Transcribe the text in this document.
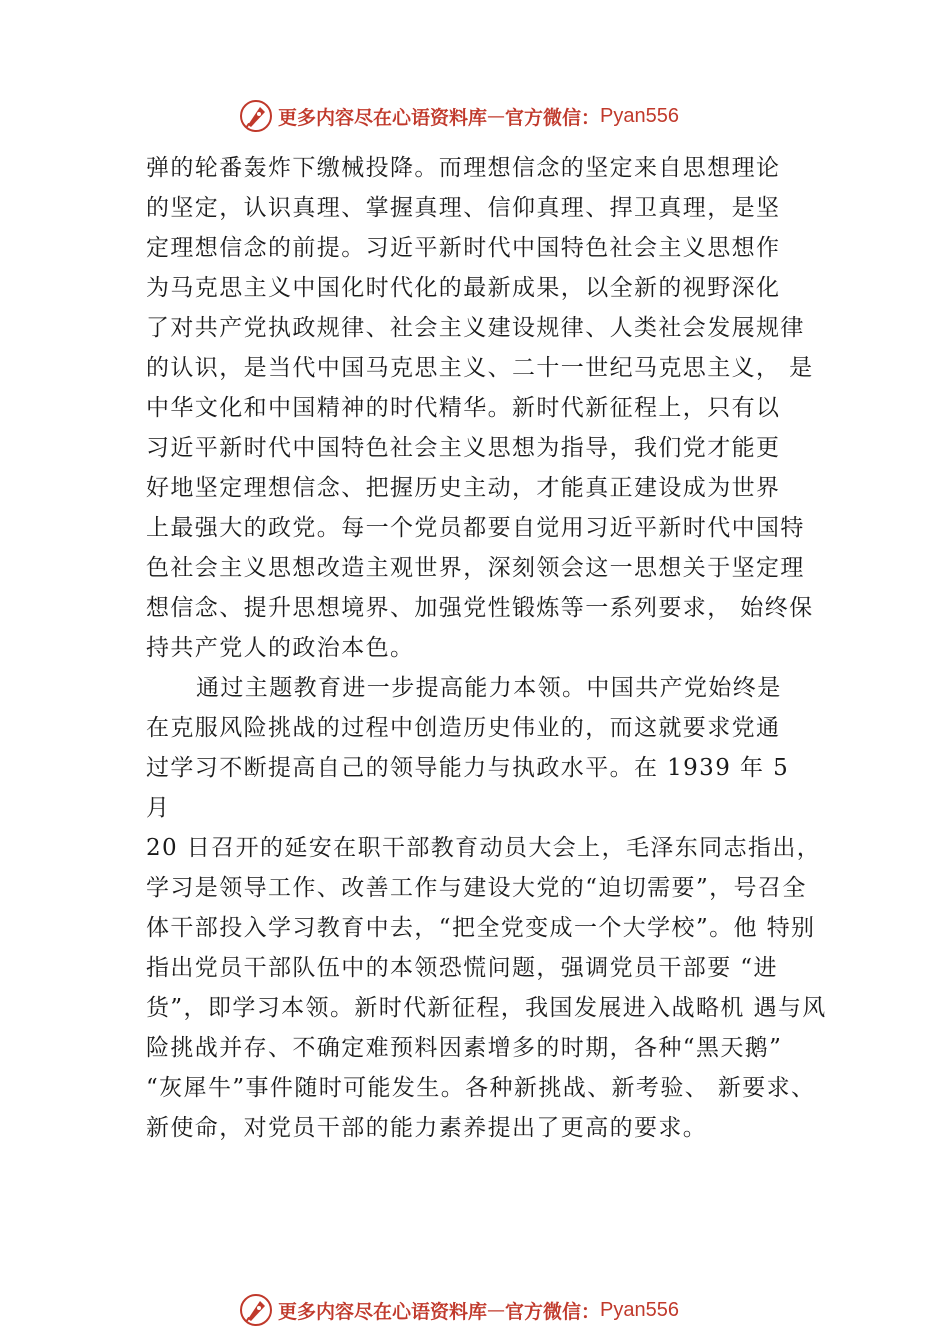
更多内容尽在心语资料库 — 官方微信： Pyan556
弹的轮番轰炸下缴械投降。而理想信念的坚定来自思想理论
的坚定，认识真理、掌握真理、信仰真理、捍卫真理，是坚
定理想信念的前提。习近平新时代中国特色社会主义思想作
为马克思主义中国化时代化的最新成果，以全新的视野深化
了对共产党执政规律、社会主义建设规律、人类社会发展规律
的认识，是当代中国马克思主义、二十一世纪马克思主义， 是
中华文化和中国精神的时代精华。新时代新征程上，只有以
习近平新时代中国特色社会主义思想为指导，我们党才能更
好地坚定理想信念、把握历史主动，才能真正建设成为世界
上最强大的政党。每一个党员都要自觉用习近平新时代中国特
色社会主义思想改造主观世界，深刻领会这一思想关于坚定理
想信念、提升思想境界、加强党性锻炼等一系列要求， 始终保
持共产党人的政治本色。
通过主题教育进一步提高能力本领。中国共产党始终是
在克服风险挑战的过程中创造历史伟业的，而这就要求党通
过学习不断提高自己的领导能力与执政水平。在 1939 年 5
月
20 日召开的延安在职干部教育动员大会上，毛泽东同志指出，
学习是领导工作、改善工作与建设大党的“迫切需要”，号召全
体干部投入学习教育中去，“把全党变成一个大学校”。他 特别
指出党员干部队伍中的本领恐慌问题，强调党员干部要 “进
货”，即学习本领。新时代新征程，我国发展进入战略机 遇与风
险挑战并存、不确定难预料因素增多的时期，各种“黑天鹅”
“灰犀牛”事件随时可能发生。各种新挑战、新考验、 新要求、
新使命，对党员干部的能力素养提出了更高的要求。
更多内容尽在心语资料库 — 官方微信： Pyan556
